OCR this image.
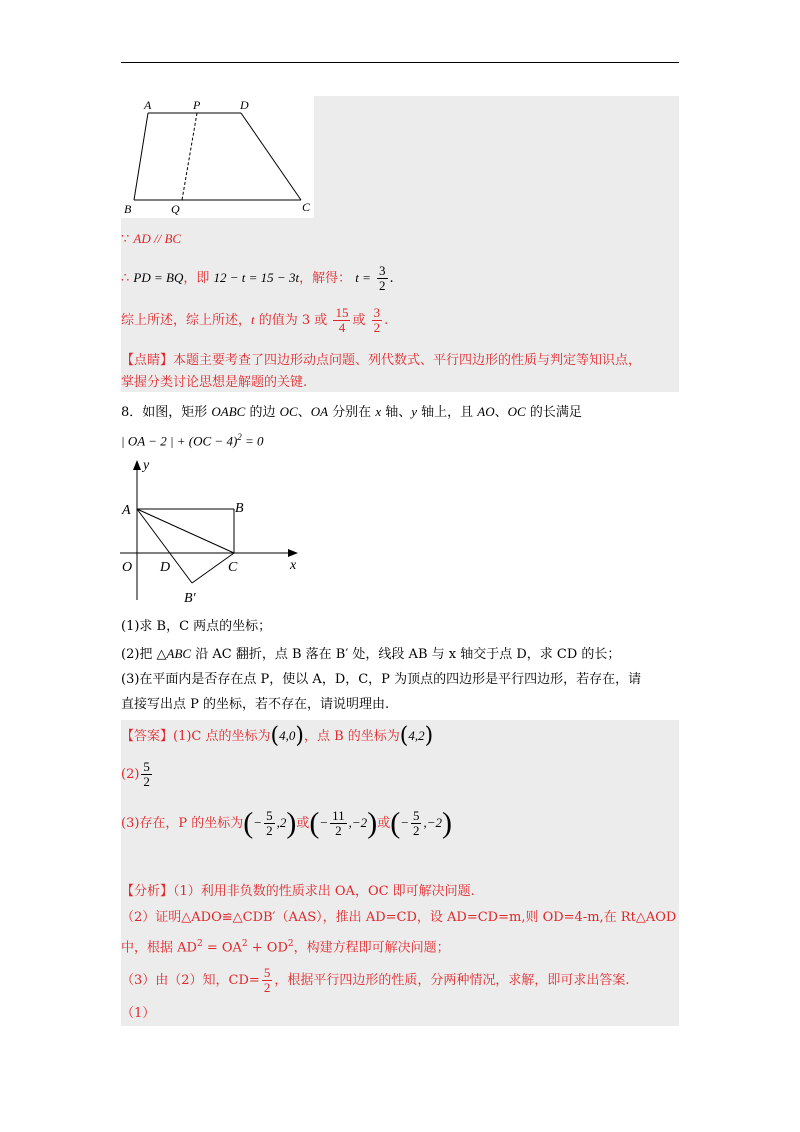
A	P	D
B	Q	C
∵ AD // BC
∴ PD = BQ，即 12 − t = 15 − 3t，解得： $t = \frac{3}{2}$ .
综上所述，综上所述，t 的值为 3 或 $\frac{15}{4}$ 或 $\frac{3}{2}$ .
【点睛】本题主要考查了四边形动点问题、列代数式、平行四边形的性质与判定等知识点，
掌握分类讨论思想是解题的关键.
8．如图，矩形 OABC 的边 OC、OA 分别在 x 轴、y 轴上，且 AO、OC 的长满足
| OA − 2 | + (OC − 4)$^2$ = 0
y
A	B
O D	C	x
B′
(1)求 B，C 两点的坐标；
(2)把 △ABC 沿 AC 翻折，点 B 落在 B′ 处，线段 AB 与 x 轴交于点 D，求 CD 的长；
(3)在平面内是否存在点 P，使以 A，D，C，P 为顶点的四边形是平行四边形，若存在，请
直接写出点 P 的坐标，若不存在，请说明理由.
【答案】(1)C 点的坐标为(4,0)，点 B 的坐标为(4,2)
$(2) \frac{5}{2}$
(3)存在，P 的坐标为(− $\frac{5}{2} ,2$)或(− $\frac{11}{2} ,-2$)或(− $\frac{5}{2} ,-2$)
【分析】（1）利用非负数的性质求出 OA，OC 即可解决问题.
（2）证明△ADO≌△CDB′（AAS），推出 AD=CD，设 AD=CD=m,则 OD=4-m,在 Rt△AOD
中，根据 $AD^2 = OA^2 + OD^2$，构建方程即可解决问题；
（3）由（2）知，$CD= \frac{5}{2}$ ，根据平行四边形的性质，分两种情况，求解，即可求出答案.
（1）
